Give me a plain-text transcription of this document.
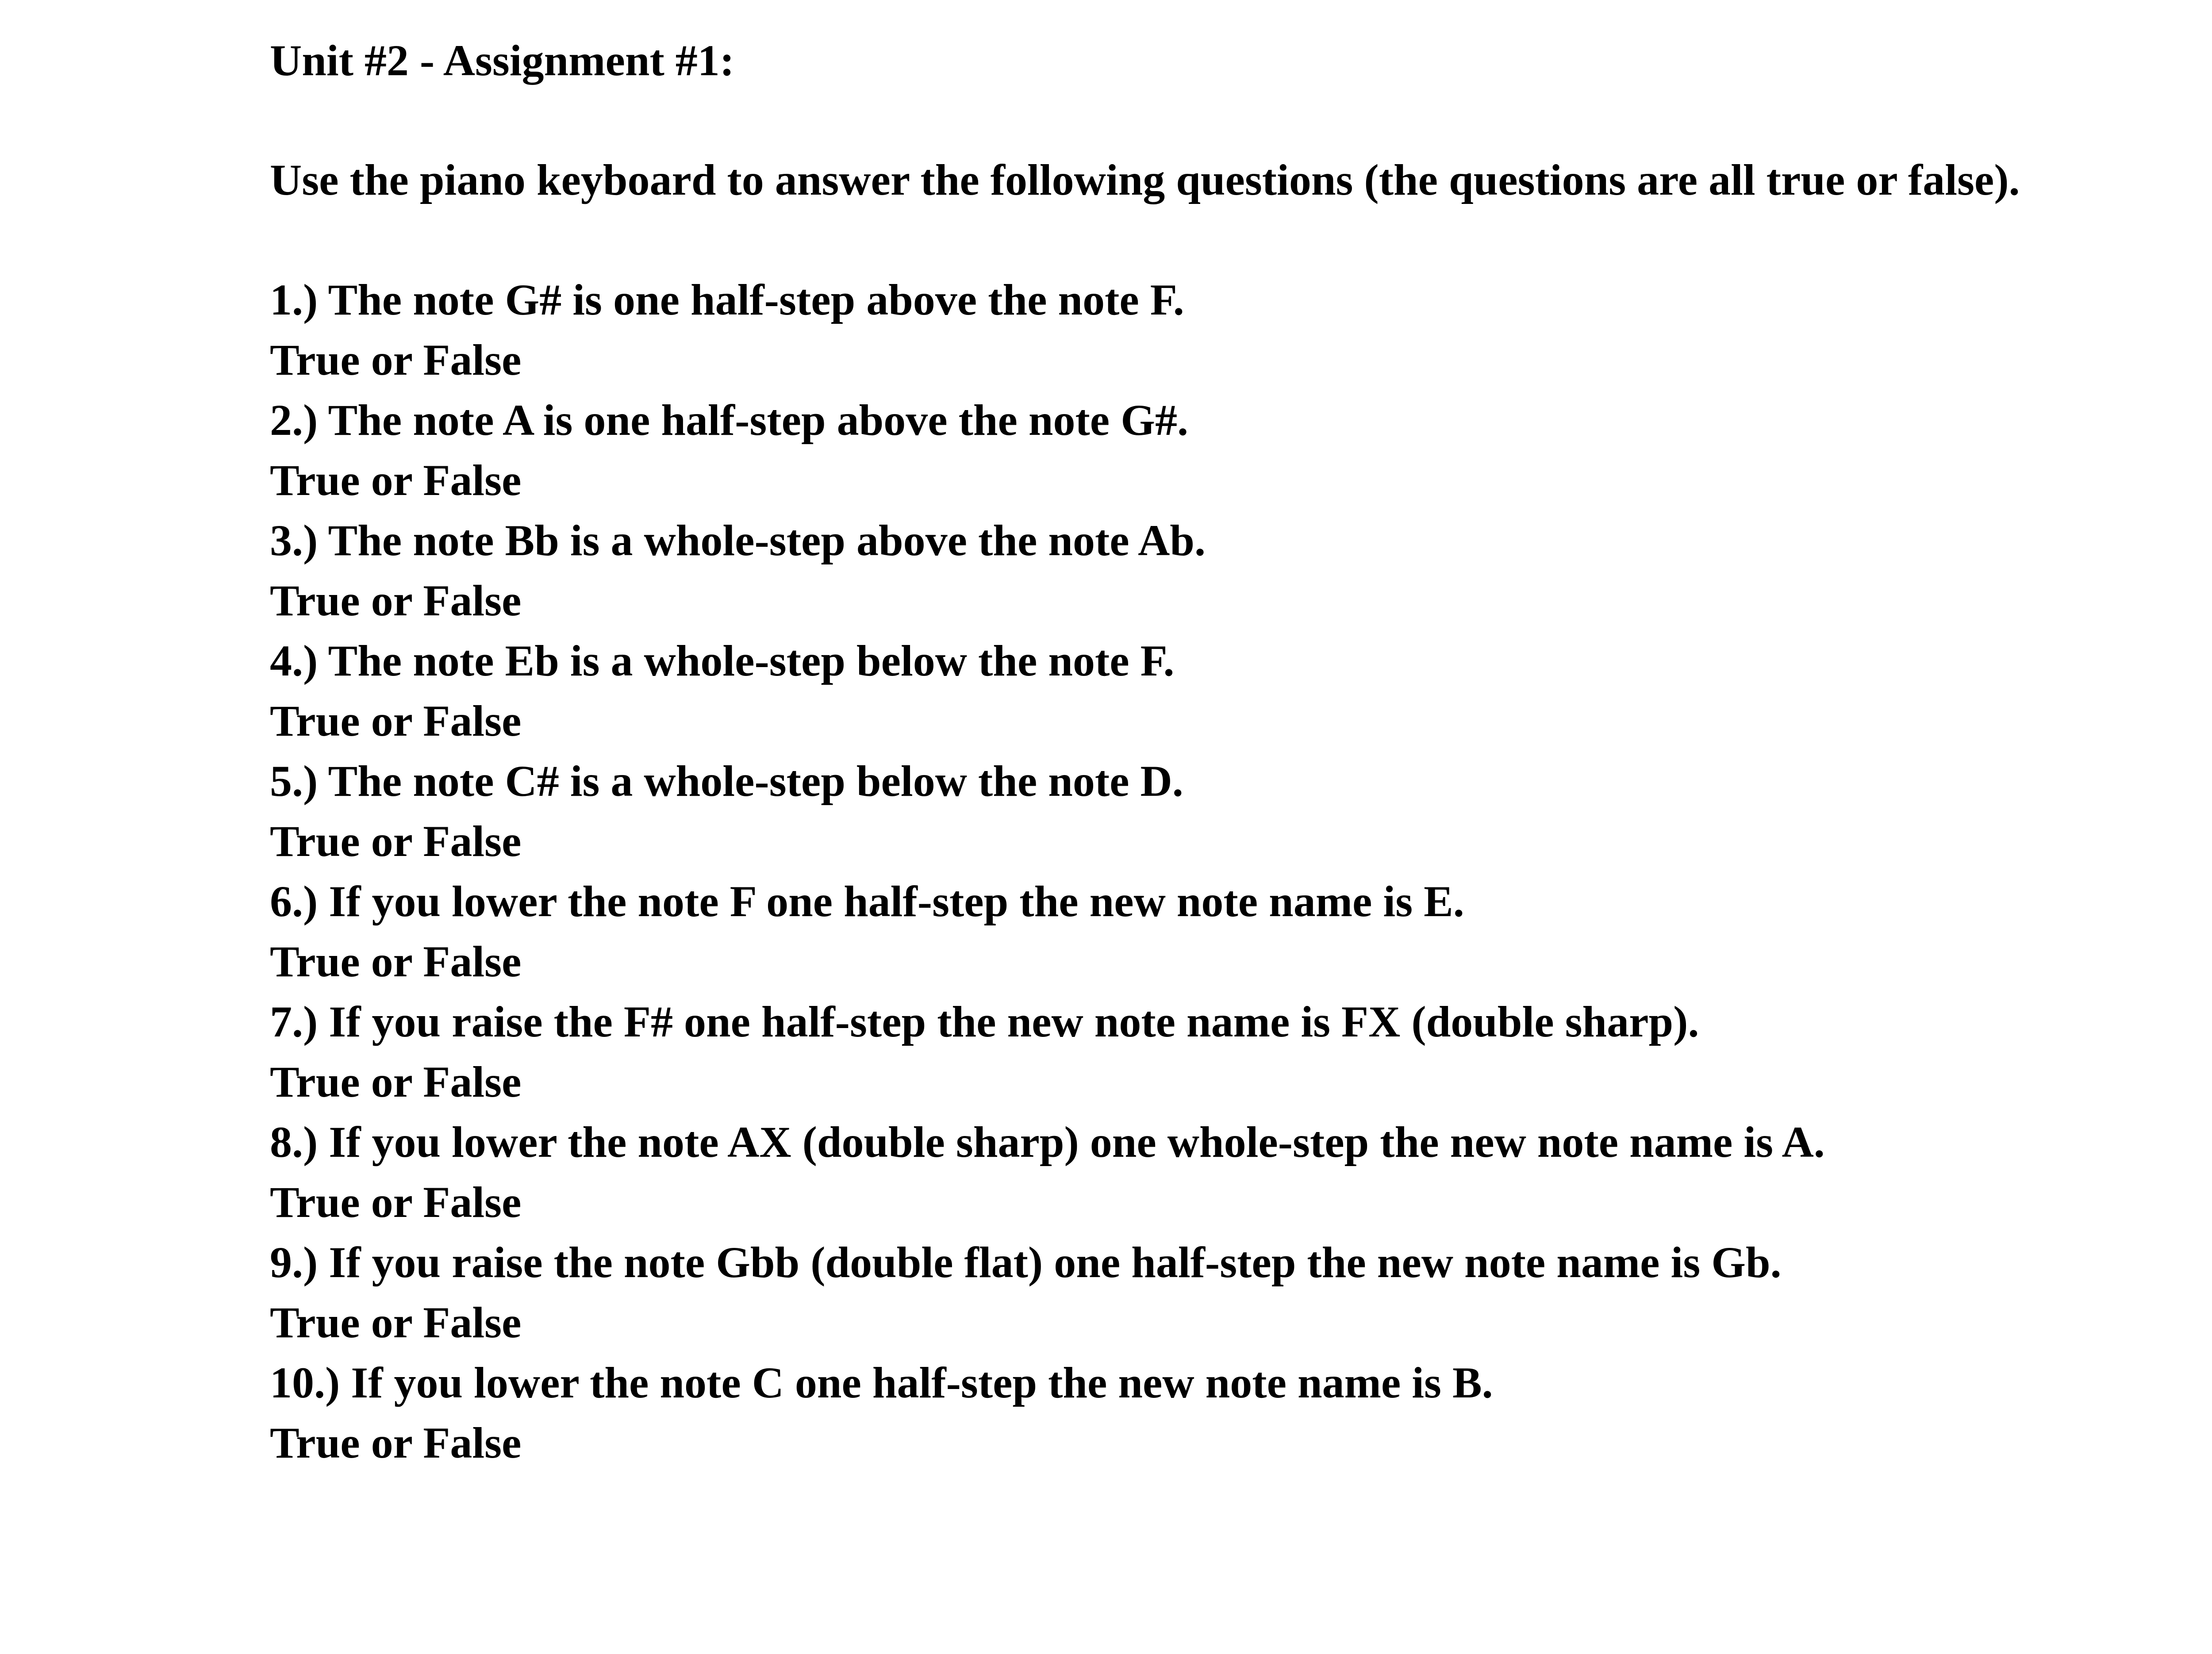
Unit #2 - Assignment #1:
Use the piano keyboard to answer the following questions (the questions are all true or false).
1.) The note G# is one half-step above the note F.
True or False
2.) The note A is one half-step above the note G#.
True or False
3.) The note Bb is a whole-step above the note Ab.
True or False
4.) The note Eb is a whole-step below the note F.
True or False
5.) The note C# is a whole-step below the note D.
True or False
6.) If you lower the note F one half-step the new note name is E.
True or False
7.) If you raise the F# one half-step the new note name is FX (double sharp).
True or False
8.) If you lower the note AX (double sharp) one whole-step the new note name is A.
True or False
9.) If you raise the note Gbb (double flat) one half-step the new note name is Gb.
True or False
10.) If you lower the note C one half-step the new note name is B.
True or False
